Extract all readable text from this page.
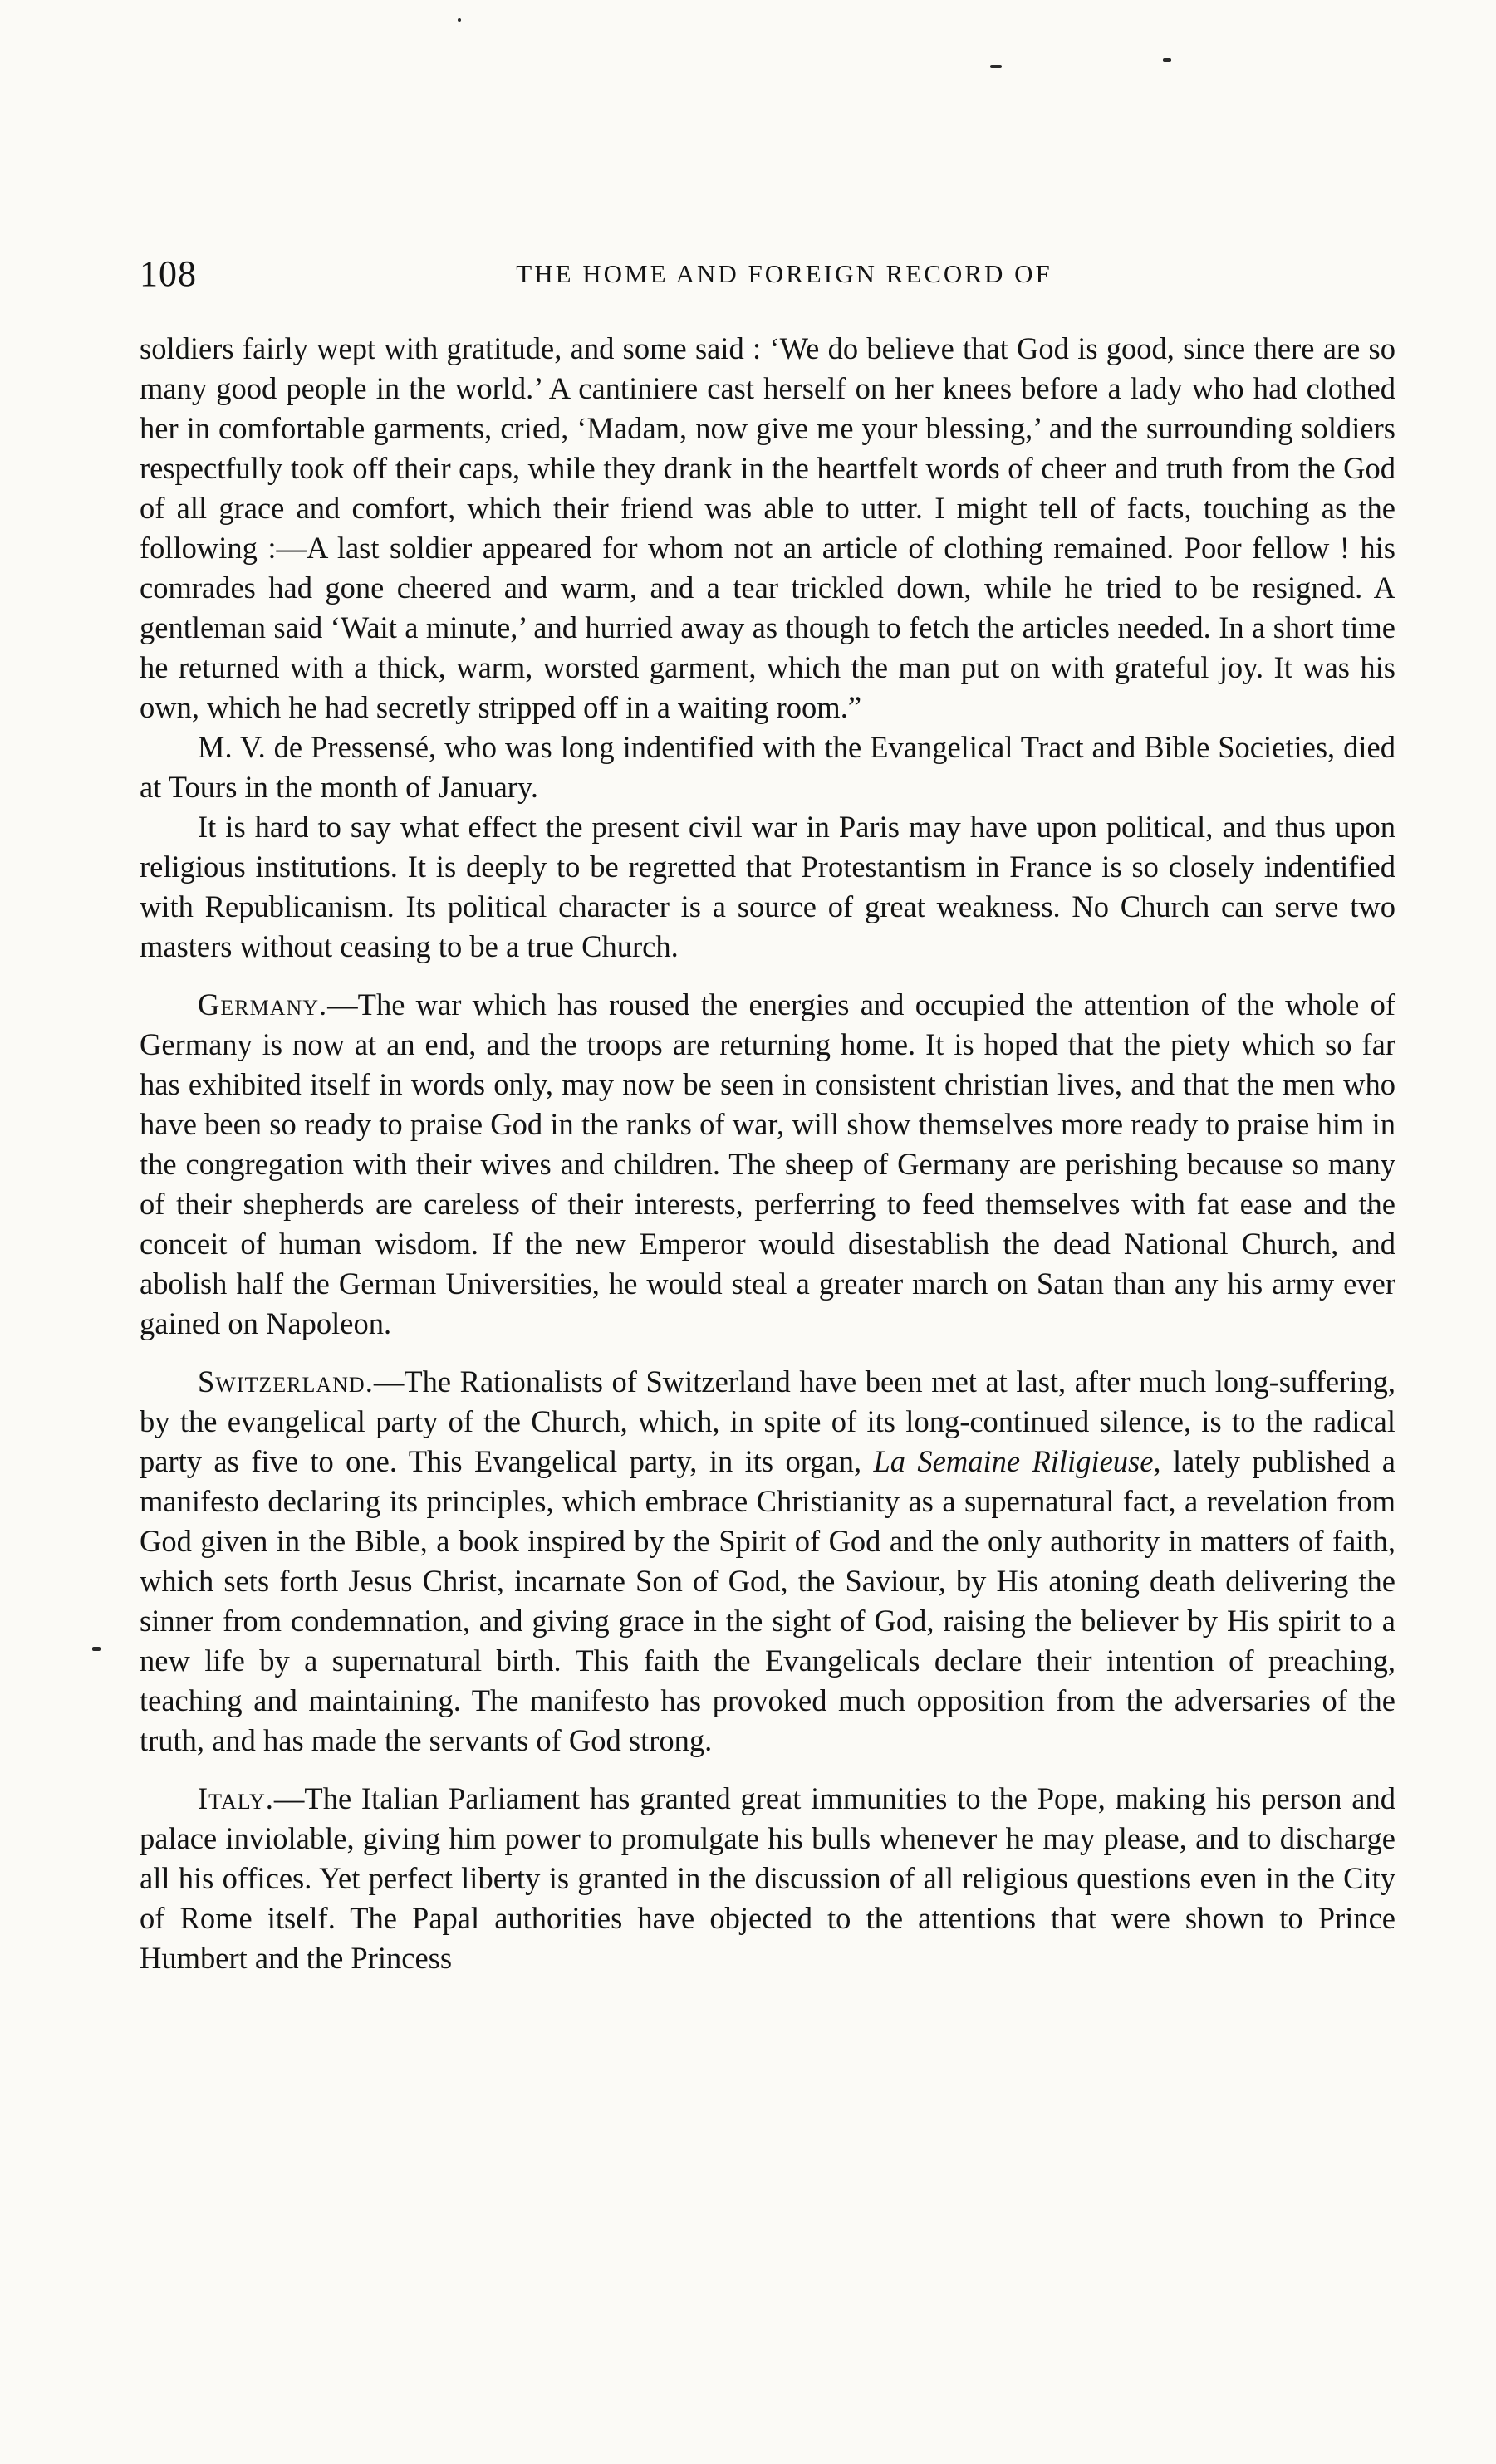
108	THE HOME AND FOREIGN RECORD OF

soldiers fairly wept with gratitude, and some said : ‘We do believe that God is good, since there are so many good people in the world.’ A cantiniere cast herself on her knees before a lady who had clothed her in comfortable garments, cried, ‘Madam, now give me your blessing,’ and the surrounding soldiers respectfully took off their caps, while they drank in the heartfelt words of cheer and truth from the God of all grace and comfort, which their friend was able to utter. I might tell of facts, touching as the following :—A last soldier appeared for whom not an article of clothing remained. Poor fellow ! his comrades had gone cheered and warm, and a tear trickled down, while he tried to be resigned. A gentleman said ‘Wait a minute,’ and hurried away as though to fetch the articles needed. In a short time he returned with a thick, warm, worsted garment, which the man put on with grateful joy. It was his own, which he had secretly stripped off in a waiting room.”

M. V. de Pressensé, who was long indentified with the Evangelical Tract and Bible Societies, died at Tours in the month of January.

It is hard to say what effect the present civil war in Paris may have upon political, and thus upon religious institutions. It is deeply to be regretted that Protestantism in France is so closely indentified with Republicanism. Its political character is a source of great weakness. No Church can serve two masters without ceasing to be a true Church.

Germany.—The war which has roused the energies and occupied the attention of the whole of Germany is now at an end, and the troops are returning home. It is hoped that the piety which so far has exhibited itself in words only, may now be seen in consistent christian lives, and that the men who have been so ready to praise God in the ranks of war, will show themselves more ready to praise him in the congregation with their wives and children. The sheep of Germany are perishing because so many of their shepherds are careless of their interests, perferring to feed themselves with fat ease and the conceit of human wisdom. If the new Emperor would disestablish the dead National Church, and abolish half the German Universities, he would steal a greater march on Satan than any his army ever gained on Napoleon.

Switzerland.—The Rationalists of Switzerland have been met at last, after much long-suffering, by the evangelical party of the Church, which, in spite of its long-continued silence, is to the radical party as five to one. This Evangelical party, in its organ, La Semaine Riligieuse, lately published a manifesto declaring its principles, which embrace Christianity as a supernatural fact, a revelation from God given in the Bible, a book inspired by the Spirit of God and the only authority in matters of faith, which sets forth Jesus Christ, incarnate Son of God, the Saviour, by His atoning death delivering the sinner from condemnation, and giving grace in the sight of God, raising the believer by His spirit to a new life by a supernatural birth. This faith the Evangelicals declare their intention of preaching, teaching and maintaining. The manifesto has provoked much opposition from the adversaries of the truth, and has made the servants of God strong.

Italy.—The Italian Parliament has granted great immunities to the Pope, making his person and palace inviolable, giving him power to promulgate his bulls whenever he may please, and to discharge all his offices. Yet perfect liberty is granted in the discussion of all religious questions even in the City of Rome itself. The Papal authorities have objected to the attentions that were shown to Prince Humbert and the Princess
